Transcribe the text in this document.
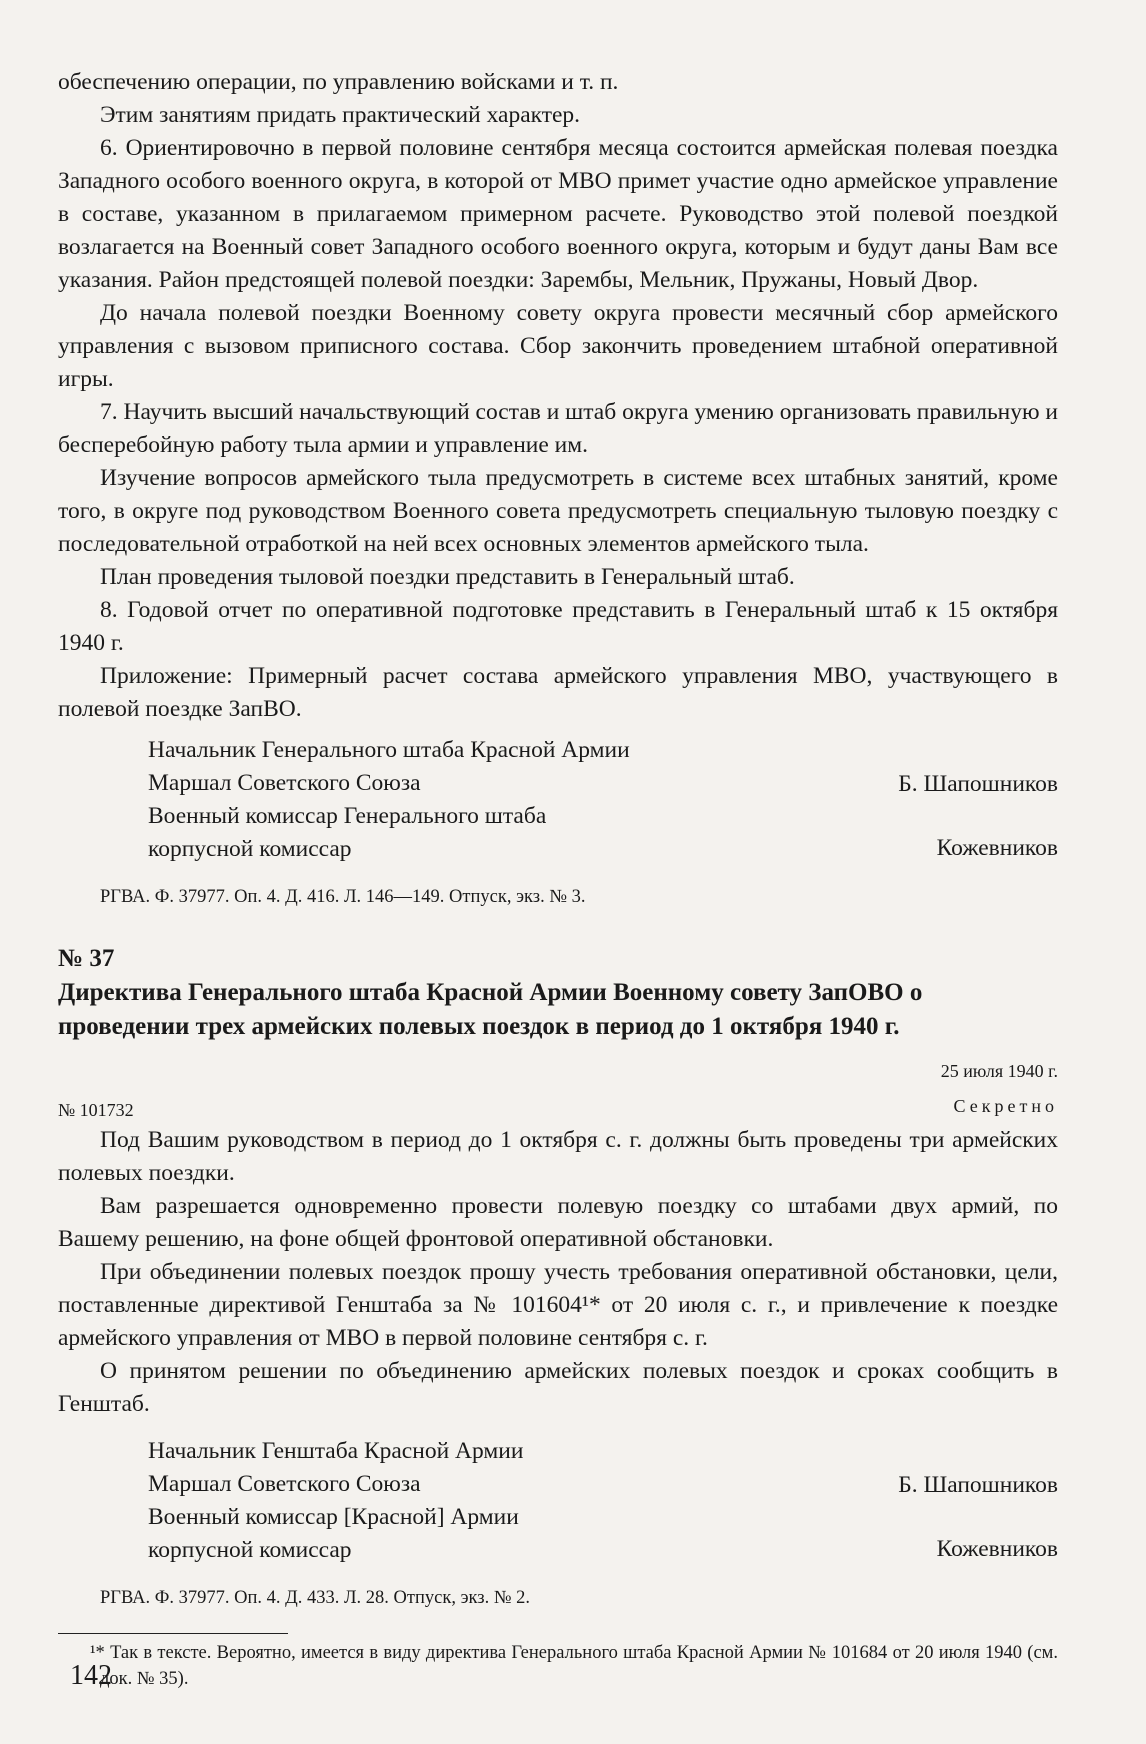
обеспечению операции, по управлению войсками и т. п.

Этим занятиям придать практический характер.

6. Ориентировочно в первой половине сентября месяца состоится армейская полевая поездка Западного особого военного округа, в которой от МВО примет участие одно армейское управление в составе, указанном в прилагаемом примерном расчете. Руководство этой полевой поездкой возлагается на Военный совет Западного особого военного округа, которым и будут даны Вам все указания. Район предстоящей полевой поездки: Зарембы, Мельник, Пружаны, Новый Двор.

До начала полевой поездки Военному совету округа провести месячный сбор армейского управления с вызовом приписного состава. Сбор закончить проведением штабной оперативной игры.

7. Научить высший начальствующий состав и штаб округа умению организовать правильную и бесперебойную работу тыла армии и управление им.

Изучение вопросов армейского тыла предусмотреть в системе всех штабных занятий, кроме того, в округе под руководством Военного совета предусмотреть специальную тыловую поездку с последовательной отработкой на ней всех основных элементов армейского тыла.

План проведения тыловой поездки представить в Генеральный штаб.

8. Годовой отчет по оперативной подготовке представить в Генеральный штаб к 15 октября 1940 г.

Приложение: Примерный расчет состава армейского управления МВО, участвующего в полевой поездке ЗапВО.

Начальник Генерального штаба Красной Армии
Маршал Советского Союза
Военный комиссар Генерального штаба
корпусной комиссар
Б. Шапошников
Кожевников

РГВА. Ф. 37977. Оп. 4. Д. 416. Л. 146—149. Отпуск, экз. № 3.

№ 37
Директива Генерального штаба Красной Армии Военному совету ЗапОВО о проведении трех армейских полевых поездок в период до 1 октября 1940 г.
25 июля 1940 г.
№ 101732	Секретно

Под Вашим руководством в период до 1 октября с. г. должны быть проведены три армейских полевых поездки.

Вам разрешается одновременно провести полевую поездку со штабами двух армий, по Вашему решению, на фоне общей фронтовой оперативной обстановки.

При объединении полевых поездок прошу учесть требования оперативной обстановки, цели, поставленные директивой Генштаба за № 101604¹* от 20 июля с. г., и привлечение к поездке армейского управления от МВО в первой половине сентября с. г.

О принятом решении по объединению армейских полевых поездок и сроках сообщить в Генштаб.

Начальник Генштаба Красной Армии
Маршал Советского Союза
Военный комиссар [Красной] Армии
корпусной комиссар
Б. Шапошников
Кожевников

РГВА. Ф. 37977. Оп. 4. Д. 433. Л. 28. Отпуск, экз. № 2.

¹* Так в тексте. Вероятно, имеется в виду директива Генерального штаба Красной Армии № 101684 от 20 июля 1940 (см. док. № 35).

142
